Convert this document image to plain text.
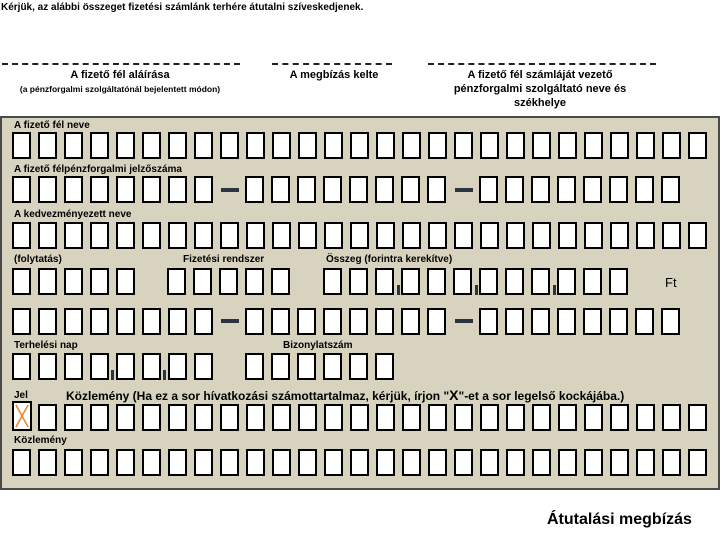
Kérjük, az alábbi összeget fizetési számlánk terhére átutalni szíveskedjenek.
A fizető fél aláírása
(a pénzforgalmi szolgáltatónál bejelentett módon)
A megbízás kelte	A fizető fél számláját vezető pénzforgalmi szolgáltató neve és székhelye
A fizető fél neve
A fizető félpénzforgalmi jelzőszáma
A kedvezményezett neve
(folytatás)	Fizetési rendszer	Összeg (forintra kerekítve)
Ft
Terhelési nap	Bizonylatszám
Jel	Közlemény (Ha ez a sor hívatkozási számottartalmaz, kérjük, írjon "X"-et a sor legelső kockájába.)
Közlemény
Átutalási megbízás
